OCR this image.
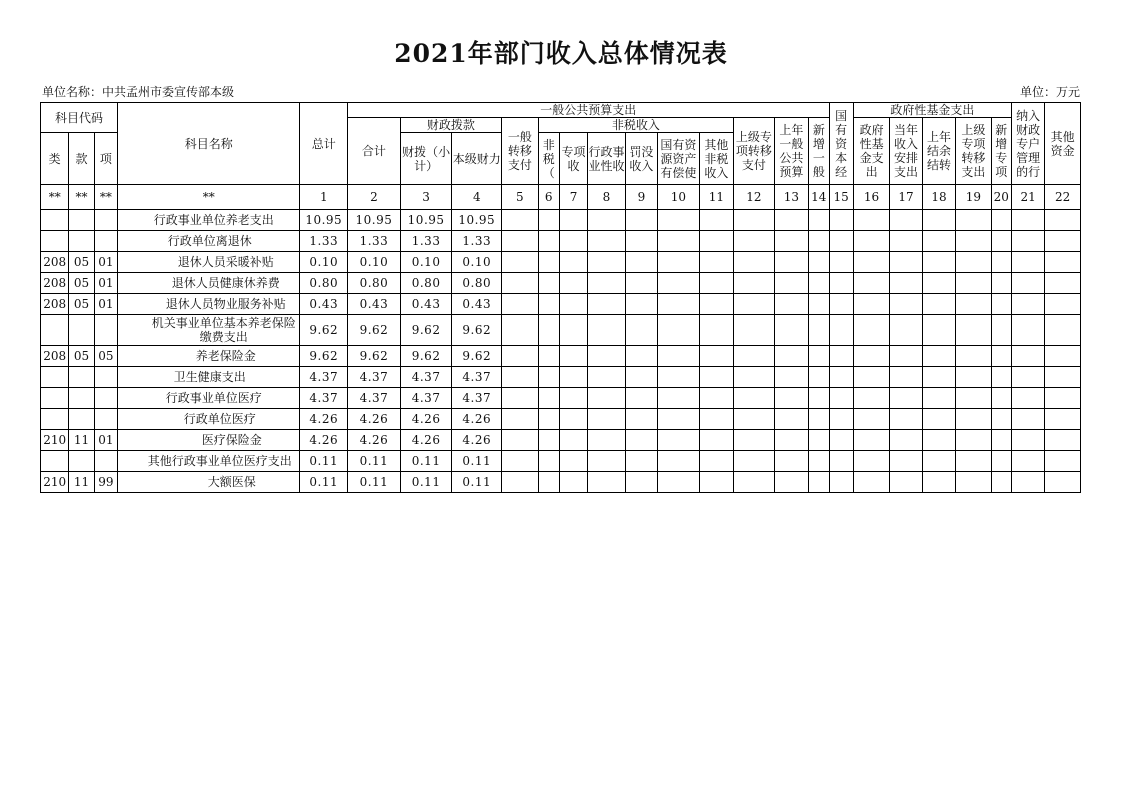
2021年部门收入总体情况表
单位名称：中共孟州市委宣传部本级	单位：万元
科目代码			科目名称	总计	一般公共预算支出													国有资本经	政府性基金支出					纳入财政专户管理的行	其他资金
					合计	财政拨款		一般转移支付	非税收入						上级专项转移支付	上年一般公共预算	新增一般		政府性基金支出	当年收入安排支出	上年结余结转	上级专项转移支出	新增专项		
类	款	项				财拨（小计）	本级财力		非税（	专项收	行政事业性收	罚没收入	国有资源资产有偿使	其他非税收入											
**	**	**	**	1	2	3	4	5	6	7	8	9	10	11	12	13	14	15	16	17	18	19	20	21	22
			行政事业单位养老支出	10.95	10.95	10.95	10.95																		
			行政单位离退休	1.33	1.33	1.33	1.33																		
208	05	01	退休人员采暖补贴	0.10	0.10	0.10	0.10																		
208	05	01	退休人员健康休养费	0.80	0.80	0.80	0.80																		
208	05	01	退休人员物业服务补贴	0.43	0.43	0.43	0.43																		
			机关事业单位基本养老保险缴费支出	9.62	9.62	9.62	9.62																		
208	05	05	养老保险金	9.62	9.62	9.62	9.62																		
			卫生健康支出	4.37	4.37	4.37	4.37																		
			行政事业单位医疗	4.37	4.37	4.37	4.37																		
			行政单位医疗	4.26	4.26	4.26	4.26																		
210	11	01	医疗保险金	4.26	4.26	4.26	4.26																		
			其他行政事业单位医疗支出	0.11	0.11	0.11	0.11																		
210	11	99	大额医保	0.11	0.11	0.11	0.11																		
